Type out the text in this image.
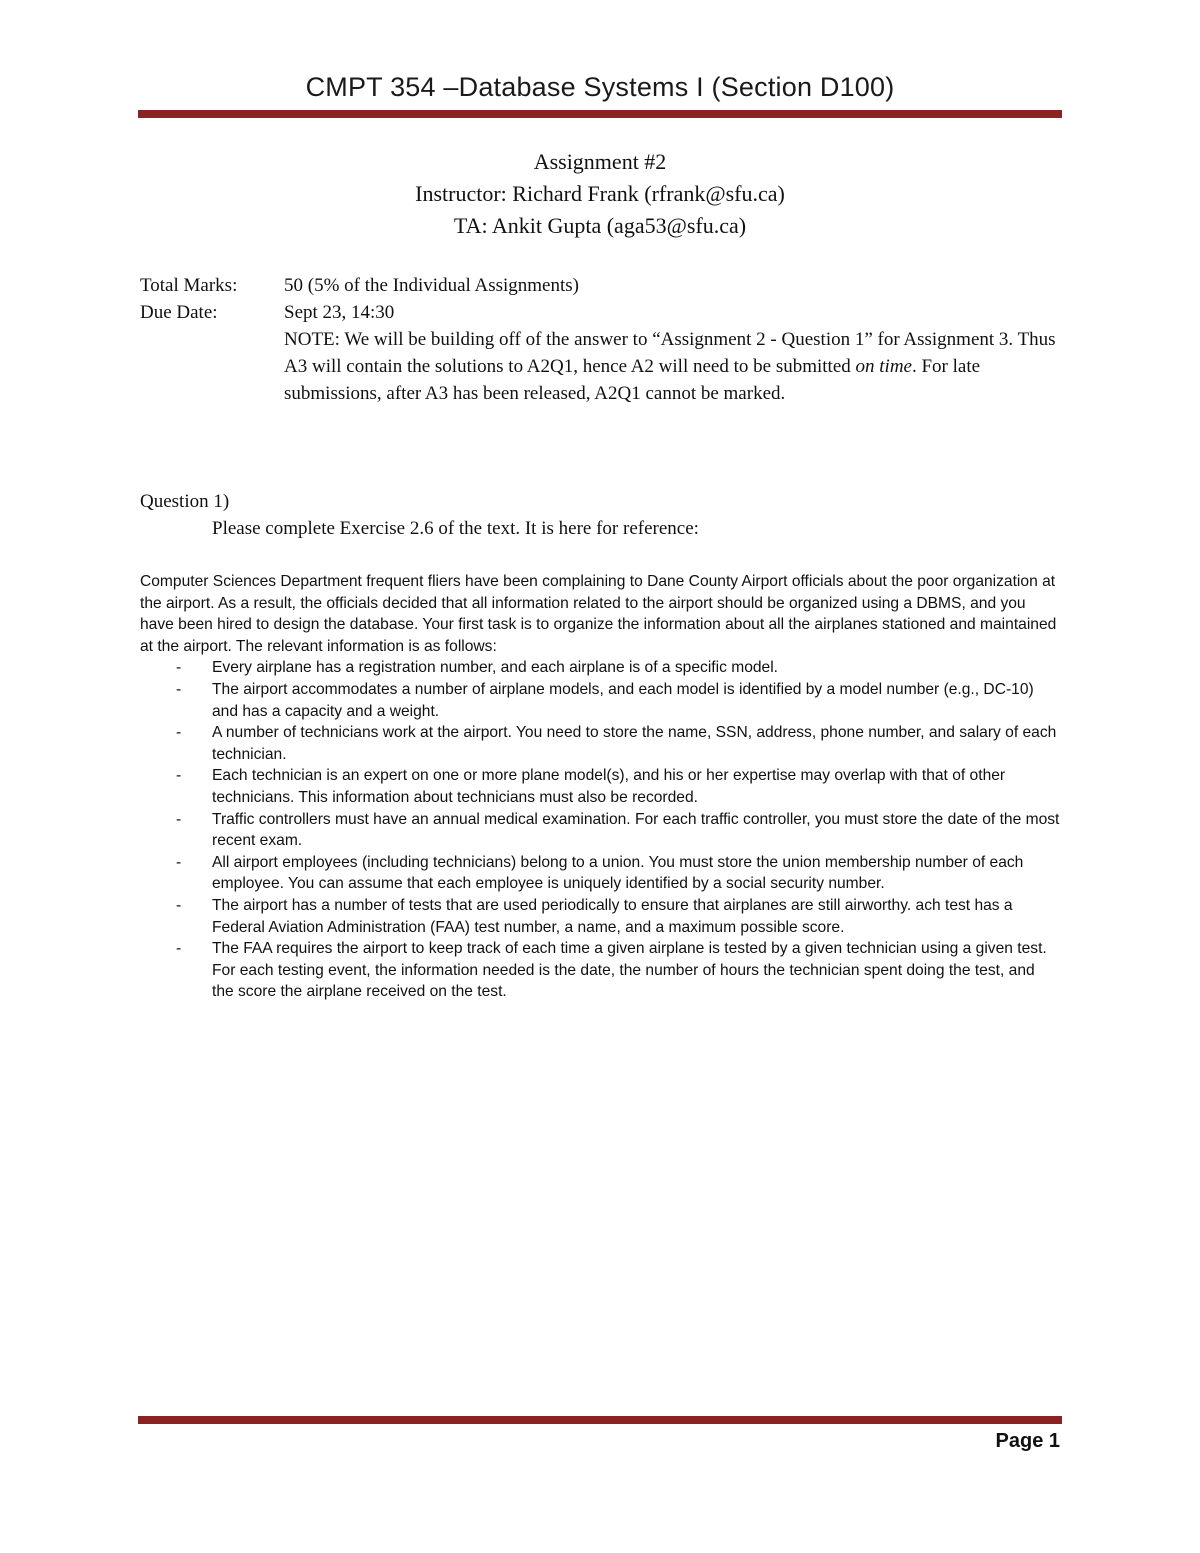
CMPT 354 –Database Systems I (Section D100)
Assignment #2
Instructor: Richard Frank (rfrank@sfu.ca)
TA: Ankit Gupta (aga53@sfu.ca)
Total Marks:	50 (5% of the Individual Assignments)
Due Date:	Sept 23, 14:30
NOTE: We will be building off of the answer to “Assignment 2 - Question 1” for Assignment 3. Thus A3 will contain the solutions to A2Q1, hence A2 will need to be submitted on time. For late submissions, after A3 has been released, A2Q1 cannot be marked.
Question 1)
Please complete Exercise 2.6 of the text. It is here for reference:
Computer Sciences Department frequent fliers have been complaining to Dane County Airport officials about the poor organization at the airport. As a result, the officials decided that all information related to the airport should be organized using a DBMS, and you have been hired to design the database. Your first task is to organize the information about all the airplanes stationed and maintained at the airport. The relevant information is as follows:
- Every airplane has a registration number, and each airplane is of a specific model.
- The airport accommodates a number of airplane models, and each model is identified by a model number (e.g., DC-10) and has a capacity and a weight.
- A number of technicians work at the airport. You need to store the name, SSN, address, phone number, and salary of each technician.
- Each technician is an expert on one or more plane model(s), and his or her expertise may overlap with that of other technicians. This information about technicians must also be recorded.
- Traffic controllers must have an annual medical examination. For each traffic controller, you must store the date of the most recent exam.
- All airport employees (including technicians) belong to a union. You must store the union membership number of each employee. You can assume that each employee is uniquely identified by a social security number.
- The airport has a number of tests that are used periodically to ensure that airplanes are still airworthy. ach test has a Federal Aviation Administration (FAA) test number, a name, and a maximum possible score.
- The FAA requires the airport to keep track of each time a given airplane is tested by a given technician using a given test. For each testing event, the information needed is the date, the number of hours the technician spent doing the test, and the score the airplane received on the test.
Page 1
